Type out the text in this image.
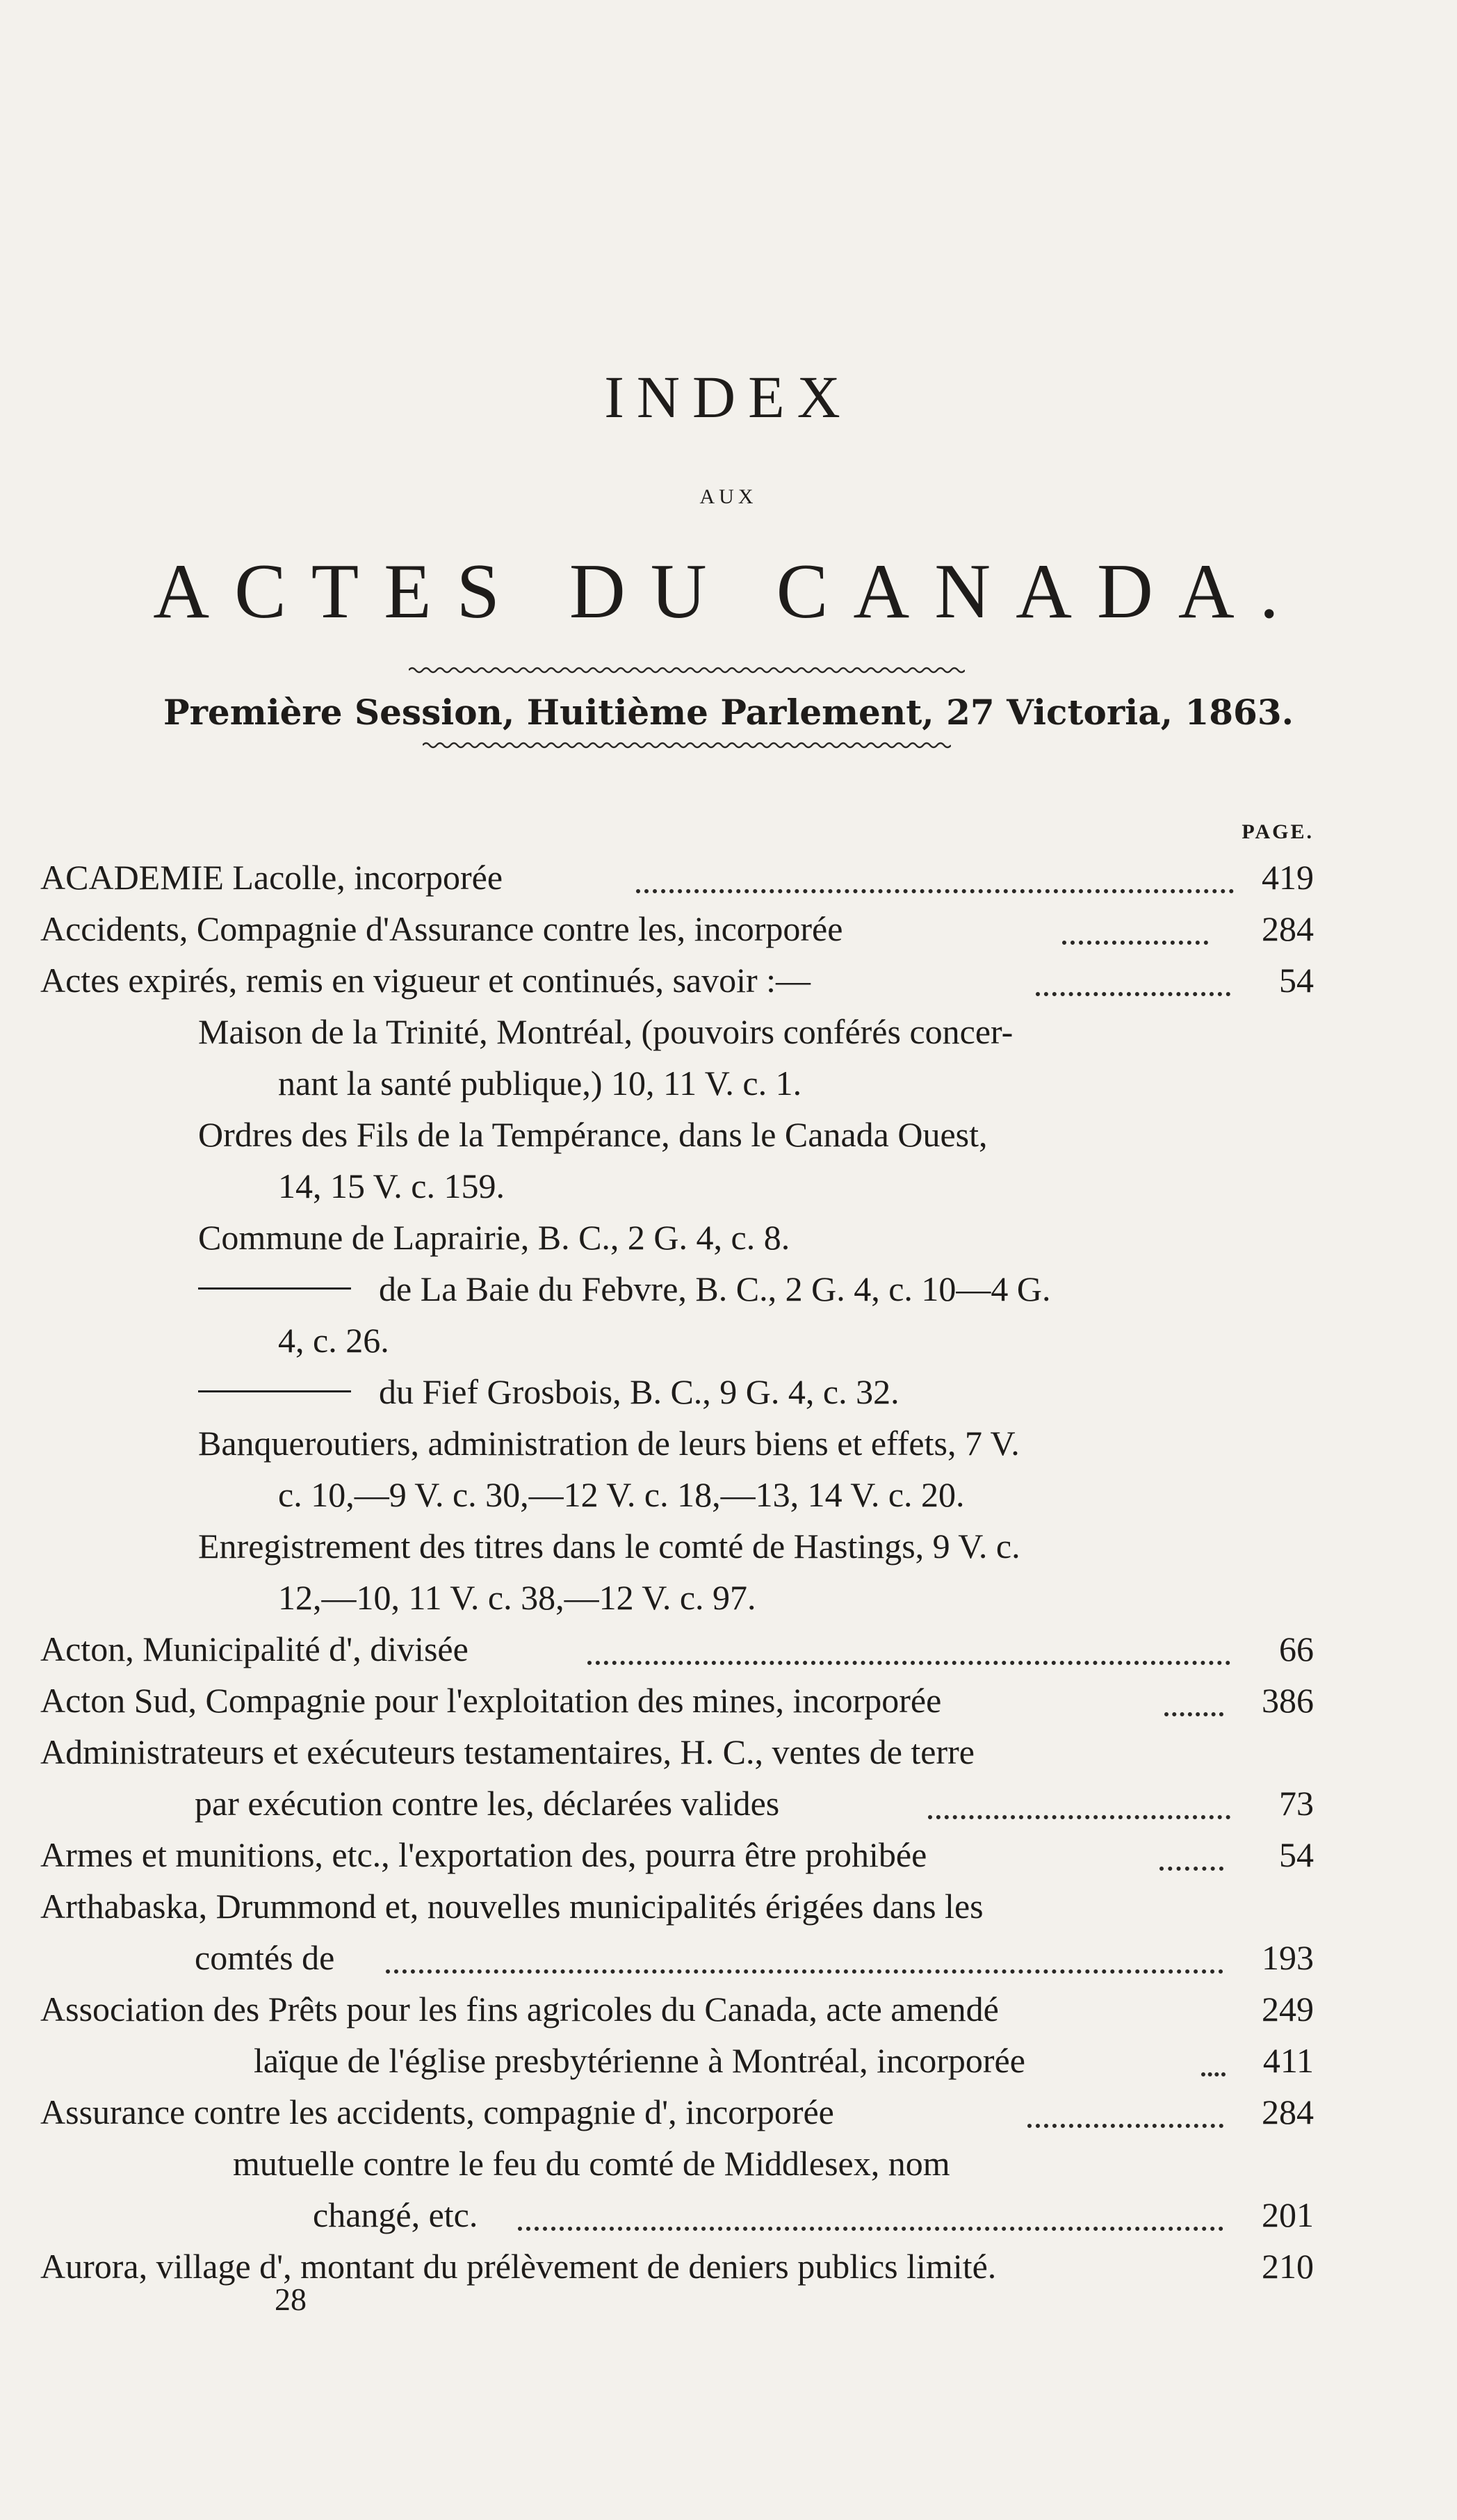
INDEX
AUX
ACTES DU CANADA.
Première Session, Huitième Parlement, 27 Victoria, 1863.
PAGE.
ACADEMIE Lacolle, incorporée	419
Accidents, Compagnie d'Assurance contre les, incorporée	284
Actes expirés, remis en vigueur et continués, savoir :—	54
Maison de la Trinité, Montréal, (pouvoirs conférés concer-
nant la santé publique,) 10, 11 V. c. 1.
Ordres des Fils de la Tempérance, dans le Canada Ouest,
14, 15 V. c. 159.
Commune de Laprairie, B. C., 2 G. 4, c. 8.
de La Baie du Febvre, B. C., 2 G. 4, c. 10—4 G.
4, c. 26.
du Fief Grosbois, B. C., 9 G. 4, c. 32.
Banqueroutiers, administration de leurs biens et effets, 7 V.
c. 10,—9 V. c. 30,—12 V. c. 18,—13, 14 V. c. 20.
Enregistrement des titres dans le comté de Hastings, 9 V. c.
12,—10, 11 V. c. 38,—12 V. c. 97.
Acton, Municipalité d', divisée	66
Acton Sud, Compagnie pour l'exploitation des mines, incorporée	386
Administrateurs et exécuteurs testamentaires, H. C., ventes de terre
par exécution contre les, déclarées valides	73
Armes et munitions, etc., l'exportation des, pourra être prohibée	54
Arthabaska, Drummond et, nouvelles municipalités érigées dans les
comtés de	193
Association des Prêts pour les fins agricoles du Canada, acte amendé	249
laïque de l'église presbytérienne à Montréal, incorporée	411
Assurance contre les accidents, compagnie d', incorporée	284
mutuelle contre le feu du comté de Middlesex, nom
changé, etc.	201
Aurora, village d', montant du prélèvement de deniers publics limité.	210
28
